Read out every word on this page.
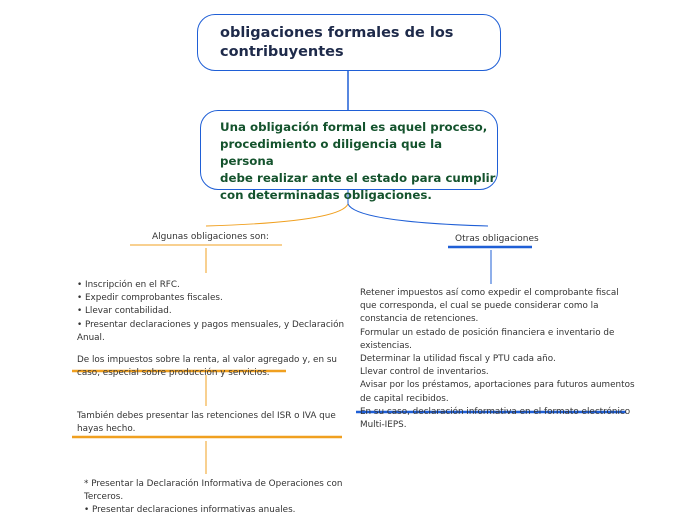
obligaciones formales de los
contribuyentes
Una obligación formal es aquel proceso,
procedimiento o diligencia que la persona
debe realizar ante el estado para cumplir
con determinadas obligaciones.
Algunas obligaciones son:	Otras obligaciones
• Inscripción en el RFC.
• Expedir comprobantes fiscales.
• Llevar contabilidad.
• Presentar declaraciones y pagos mensuales, y Declaración
Anual.
De los impuestos sobre la renta, al valor agregado y, en su
caso, especial sobre producción y servicios.
También debes presentar las retenciones del ISR o IVA que
hayas hecho.
* Presentar la Declaración Informativa de Operaciones con
Terceros.
• Presentar declaraciones informativas anuales.
Retener impuestos así como expedir el comprobante fiscal
que corresponda, el cual se puede considerar como la
constancia de retenciones.
Formular un estado de posición financiera e inventario de
existencias.
Determinar la utilidad fiscal y PTU cada año.
Llevar control de inventarios.
Avisar por los préstamos, aportaciones para futuros aumentos
de capital recibidos.
En su caso, declaración informativa en el formato electrónico
Multi-IEPS.
